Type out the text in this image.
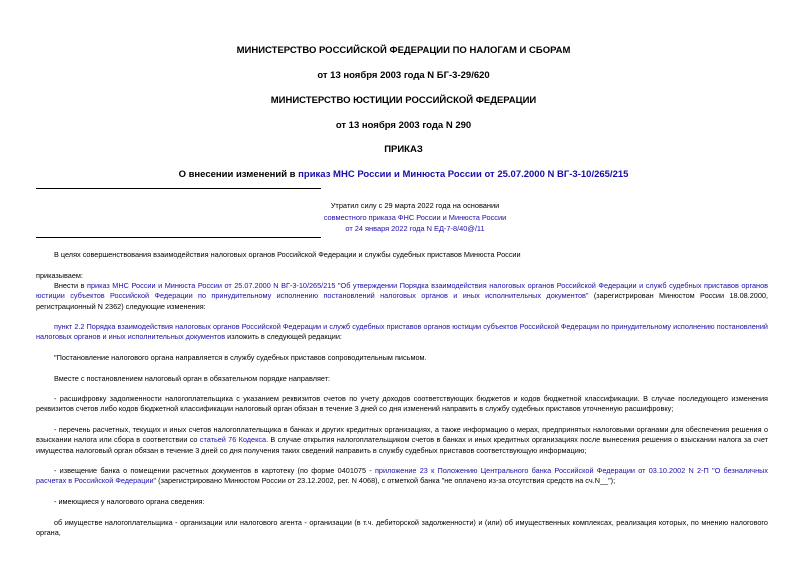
МИНИСТЕРСТВО РОССИЙСКОЙ ФЕДЕРАЦИИ ПО НАЛОГАМ И СБОРАМ
от 13 ноября 2003 года N БГ-3-29/620
МИНИСТЕРСТВО ЮСТИЦИИ РОССИЙСКОЙ ФЕДЕРАЦИИ
от 13 ноября 2003 года N 290
ПРИКАЗ
О внесении изменений в приказ МНС России и Минюста России от 25.07.2000 N ВГ-3-10/265/215
Утратил силу с 29 марта 2022 года на основании
совместного приказа ФНС России и Минюста России
от 24 января 2022 года N ЕД-7-8/40@/11
В целях совершенствования взаимодействия налоговых органов Российской Федерации и службы судебных приставов Минюста России
приказываем:
Внести в приказ МНС России и Минюста России от 25.07.2000 N ВГ-3-10/265/215 "Об утверждении Порядка взаимодействия налоговых органов Российской Федерации и служб судебных приставов органов юстиции субъектов Российской Федерации по принудительному исполнению постановлений налоговых органов и иных исполнительных документов" (зарегистрирован Минюстом России 18.08.2000, регистрационный N 2362) следующие изменения:
пункт 2.2 Порядка взаимодействия налоговых органов Российской Федерации и служб судебных приставов органов юстиции субъектов Российской Федерации по принудительному исполнению постановлений налоговых органов и иных исполнительных документов изложить в следующей редакции:
"Постановление налогового органа направляется в службу судебных приставов сопроводительным письмом.
Вместе с постановлением налоговый орган в обязательном порядке направляет:
- расшифровку задолженности налогоплательщика с указанием реквизитов счетов по учету доходов соответствующих бюджетов и кодов бюджетной классификации. В случае последующего изменения реквизитов счетов либо кодов бюджетной классификации налоговый орган обязан в течение 3 дней со дня изменений направить в службу судебных приставов уточненную расшифровку;
- перечень расчетных, текущих и иных счетов налогоплательщика в банках и других кредитных организациях, а также информацию о мерах, предпринятых налоговыми органами для обеспечения решения о взыскании налога или сбора в соответствии со статьей 76 Кодекса. В случае открытия налогоплательщиком счетов в банках и иных кредитных организациях после вынесения решения о взыскании налога за счет имущества налоговый орган обязан в течение 3 дней со дня получения таких сведений направить в службу судебных приставов соответствующую информацию;
- извещение банка о помещении расчетных документов в картотеку (по форме 0401075 - приложение 23 к Положению Центрального банка Российской Федерации от 03.10.2002 N 2-П "О безналичных расчетах в Российской Федерации" (зарегистрировано Минюстом России от 23.12.2002, рег. N 4068), с отметкой банка "не оплачено из-за отсутствия средств на сч.N__");
- имеющиеся у налогового органа сведения:
об имуществе налогоплательщика - организации или налогового агента - организации (в т.ч. дебиторской задолженности) и (или) об имущественных комплексах, реализация которых, по мнению налогового органа,
